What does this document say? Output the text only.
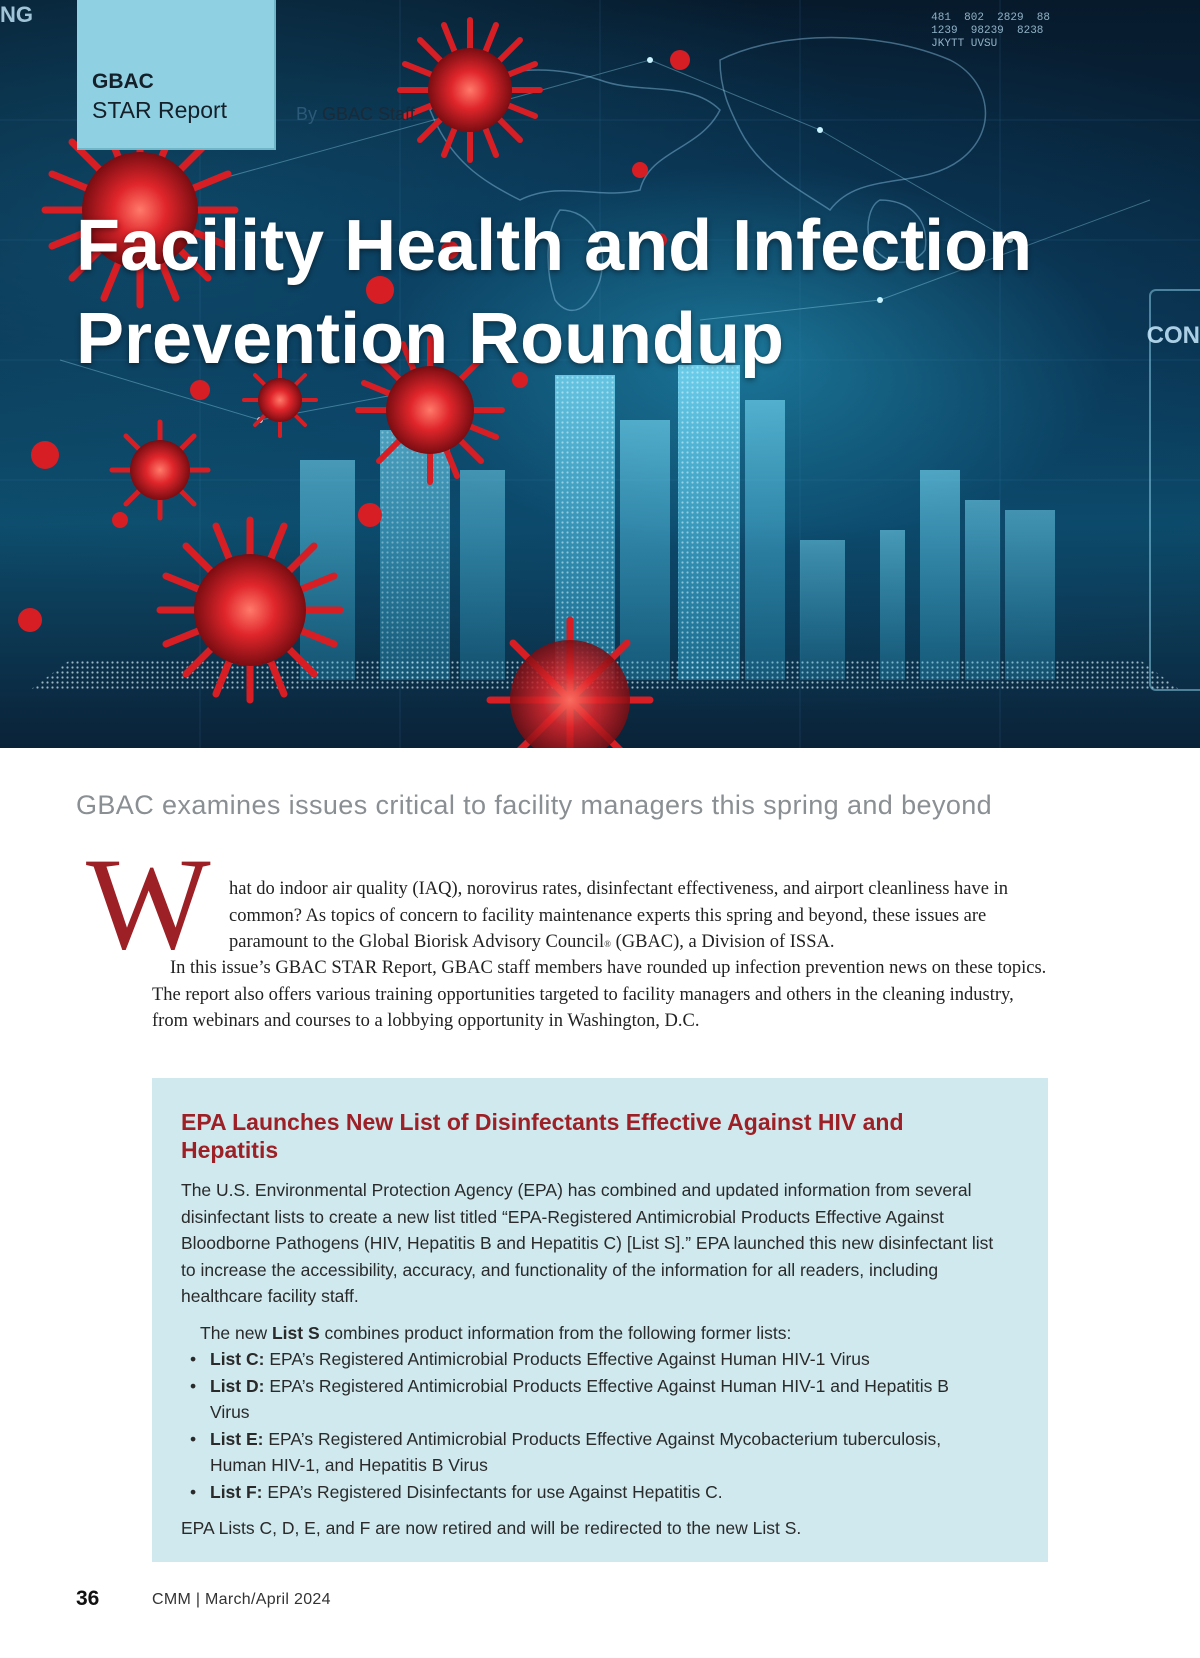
NG
CON
481  802  2829  88
1239  98239  8238
JKYTT UVSU
GBAC
STAR Report	By GBAC Staff
Facility Health and Infection
Prevention Roundup
GBAC examines issues critical to facility managers this spring and beyond
W hat do indoor air quality (IAQ), norovirus rates, disinfectant effectiveness, and airport cleanliness have in common? As topics of concern to facility maintenance experts this spring and beyond, these issues are paramount to the Global Biorisk Advisory Council® (GBAC), a Division of ISSA.

In this issue’s GBAC STAR Report, GBAC staff members have rounded up infection prevention news on these topics. The report also offers various training opportunities targeted to facility managers and others in the cleaning industry, from webinars and courses to a lobbying opportunity in Washington, D.C.

EPA Launches New List of Disinfectants Effective Against HIV and Hepatitis

The U.S. Environmental Protection Agency (EPA) has combined and updated information from several disinfectant lists to create a new list titled “EPA-Registered Antimicrobial Products Effective Against Bloodborne Pathogens (HIV, Hepatitis B and Hepatitis C) [List S].” EPA launched this new disinfectant list to increase the accessibility, accuracy, and functionality of the information for all readers, including healthcare facility staff.

The new List S combines product information from the following former lists:

• List C: EPA’s Registered Antimicrobial Products Effective Against Human HIV-1 Virus
• List D: EPA’s Registered Antimicrobial Products Effective Against Human HIV-1 and Hepatitis B Virus
• List E: EPA’s Registered Antimicrobial Products Effective Against Mycobacterium tuberculosis, Human HIV-1, and Hepatitis B Virus
• List F: EPA’s Registered Disinfectants for use Against Hepatitis C.

EPA Lists C, D, E, and F are now retired and will be redirected to the new List S.

36	CMM | March/April 2024
